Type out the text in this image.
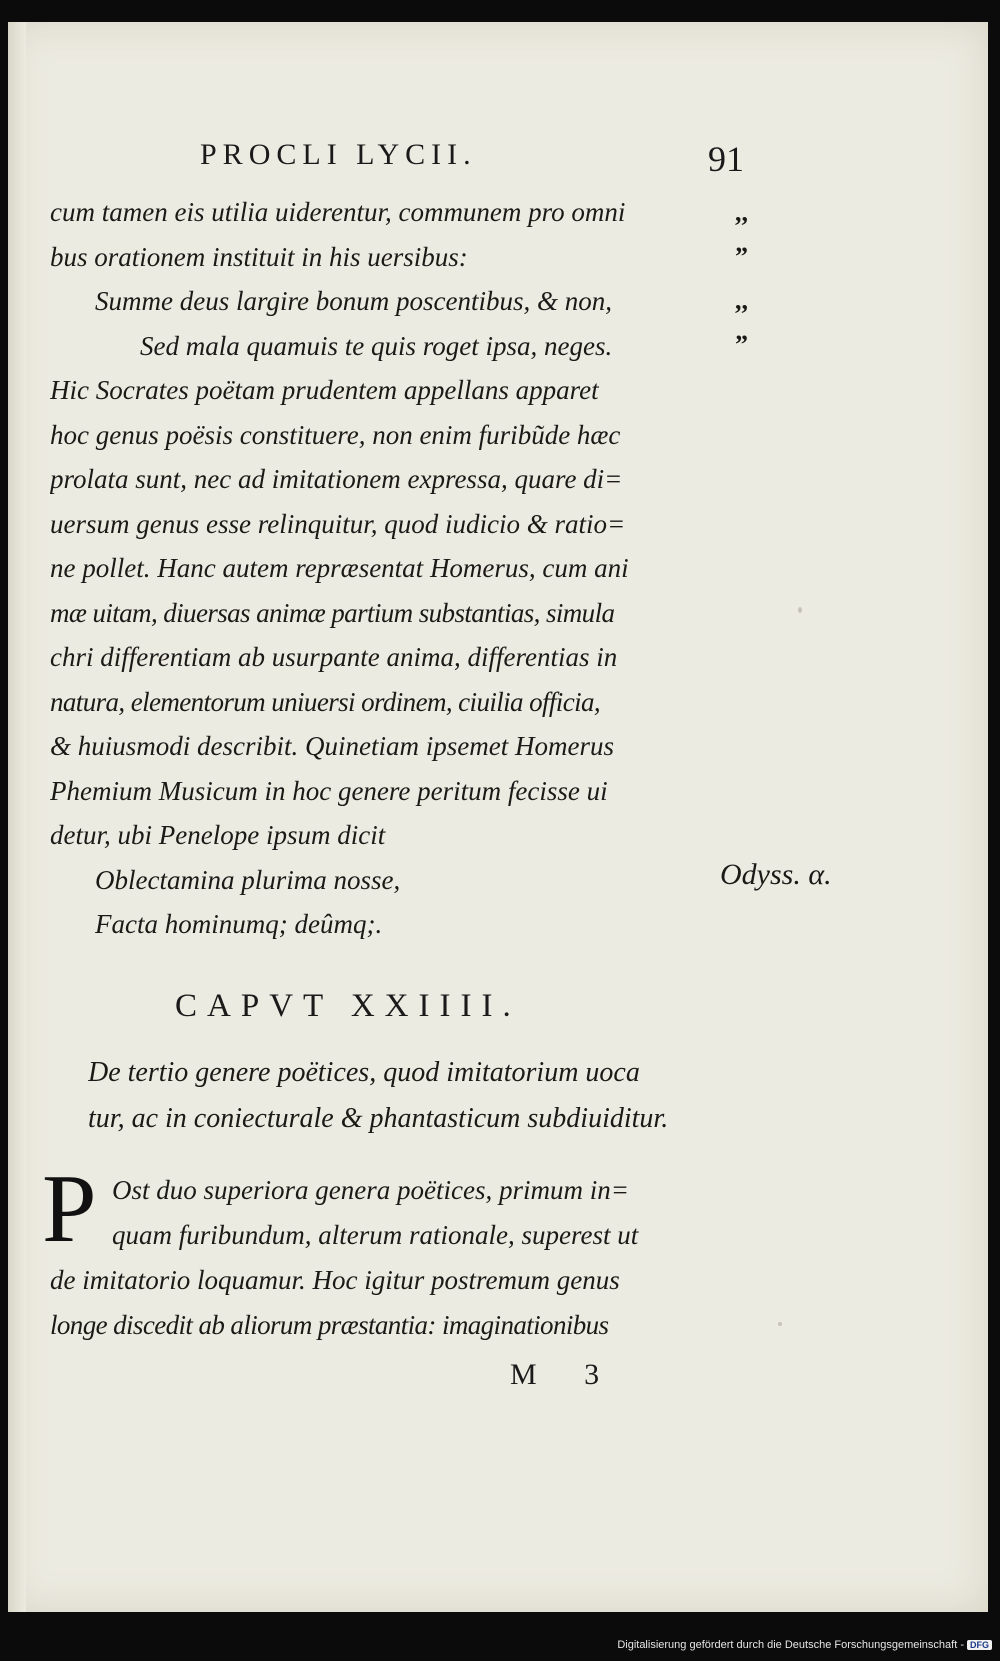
PROCLI LYCII.	91
cum tamen eis utilia uiderentur, communem pro omni
bus orationem instituit in his uersibus:
Summe deus largire bonum poscentibus, & non,
Sed mala quamuis te quis roget ipsa, neges.
Hic Socrates poëtam prudentem appellans apparet
hoc genus poësis constituere, non enim furibũde hæc
prolata sunt, nec ad imitationem expressa, quare di=
uersum genus esse relinquitur, quod iudicio & ratio=
ne pollet. Hanc autem repræsentat Homerus, cum ani
mæ uitam, diuersas animæ partium substantias, simula
chri differentiam ab usurpante anima, differentias in
natura, elementorum uniuersi ordinem, ciuilia officia,
& huiusmodi describit. Quinetiam ipsemet Homerus
Phemium Musicum in hoc genere peritum fecisse ui
detur, ubi Penelope ipsum dicit
Oblectamina plurima nosse,
Facta hominumq; deûmq;.
,,
”
,,
”
Odyss. α.
CAPVT XXIIII.
De tertio genere poëtices, quod imitatorium uoca
tur, ac in coniecturale & phantasticum subdiuiditur.
P Ost duo superiora genera poëtices, primum in=
quam furibundum, alterum rationale, superest ut
de imitatorio loquamur. Hoc igitur postremum genus
longe discedit ab aliorum præstantia: imaginationibus
M 3
Digitalisierung gefördert durch die Deutsche Forschungsgemeinschaft - DFG
